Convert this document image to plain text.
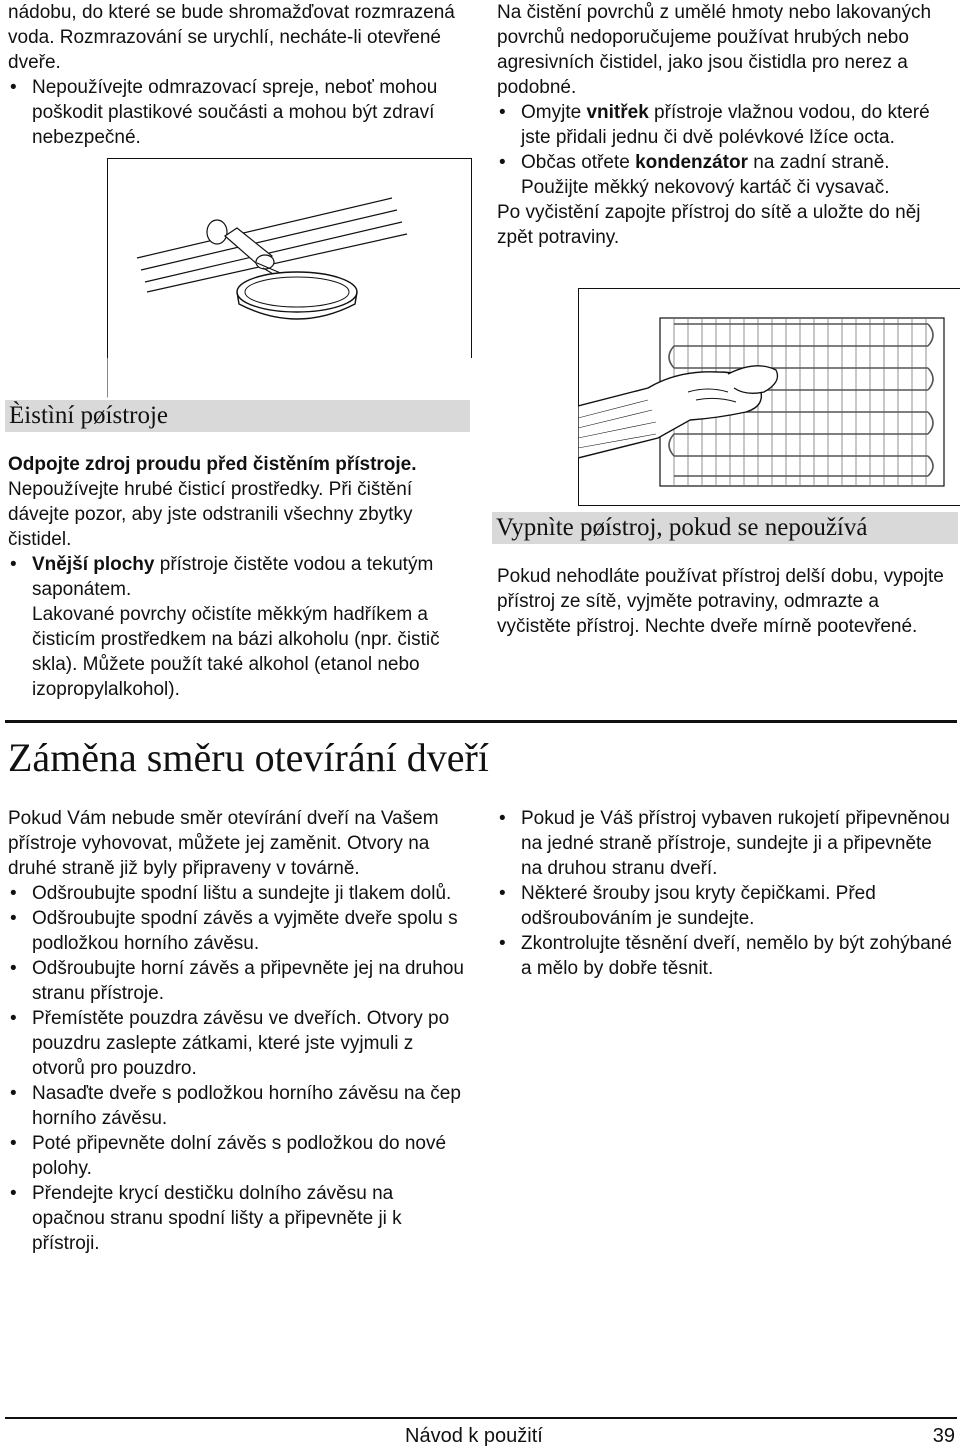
nádobu, do které se bude shromažďovat rozmrazená voda. Rozmrazování se urychlí, necháte-li otevřené dveře.

• Nepoužívejte odmrazovací spreje, neboť mohou poškodit plastikové součásti a mohou být zdraví nebezpečné.

Na čistění povrchů z umělé hmoty nebo lakovaných povrchů nedoporučujeme používat hrubých nebo agresivních čistidel, jako jsou čistidla pro nerez a podobné.

• Omyjte vnitřek přístroje vlažnou vodou, do které jste přidali jednu či dvě polévkové lžíce octa.
• Občas otřete kondenzátor na zadní straně. Použijte měkký nekovový kartáč či vysavač.

Po vyčistění zapojte přístroj do sítě a uložte do něj zpět potraviny.

Èistìní pøístroje

Odpojte zdroj proudu před čistěním přístroje. Nepoužívejte hrubé čisticí prostředky. Při čištění dávejte pozor, aby jste odstranili všechny zbytky čistidel.

• Vnější plochy přístroje čistěte vodou a tekutým saponátem.

Lakované povrchy očistíte měkkým hadříkem a čisticím prostředkem na bázi alkoholu (npr. čistič skla). Můžete použít také alkohol (etanol nebo izopropylalkohol).

Vypnìte pøístroj, pokud se nepoužívá

Pokud nehodláte používat přístroj delší dobu, vypojte přístroj ze sítě, vyjměte potraviny, odmrazte a vyčistěte přístroj. Nechte dveře mírně pootevřené.

Záměna směru otevírání dveří

Pokud Vám nebude směr otevírání dveří na Vašem přístroje vyhovovat, můžete jej zaměnit. Otvory na druhé straně již byly připraveny v továrně.

• Odšroubujte spodní lištu a sundejte ji tlakem dolů.
• Odšroubujte spodní závěs a vyjměte dveře spolu s podložkou horního závěsu.
• Odšroubujte horní závěs a připevněte jej na druhou stranu přístroje.
• Přemístěte pouzdra závěsu ve dveřích. Otvory po pouzdru zaslepte zátkami, které jste vyjmuli z otvorů pro pouzdro.
• Nasaďte dveře s podložkou horního závěsu na čep horního závěsu.
• Poté připevněte dolní závěs s podložkou do nové polohy.
• Přendejte krycí destičku dolního závěsu na opačnou stranu spodní lišty a připevněte ji k přístroji.
• Pokud je Váš přístroj vybaven rukojetí připevněnou na jedné straně přístroje, sundejte ji a připevněte na druhou stranu dveří.
• Některé šrouby jsou kryty čepičkami. Před odšroubováním je sundejte.
• Zkontrolujte těsnění dveří, nemělo by být zohýbané a mělo by dobře těsnit.
Návod k použití	39
